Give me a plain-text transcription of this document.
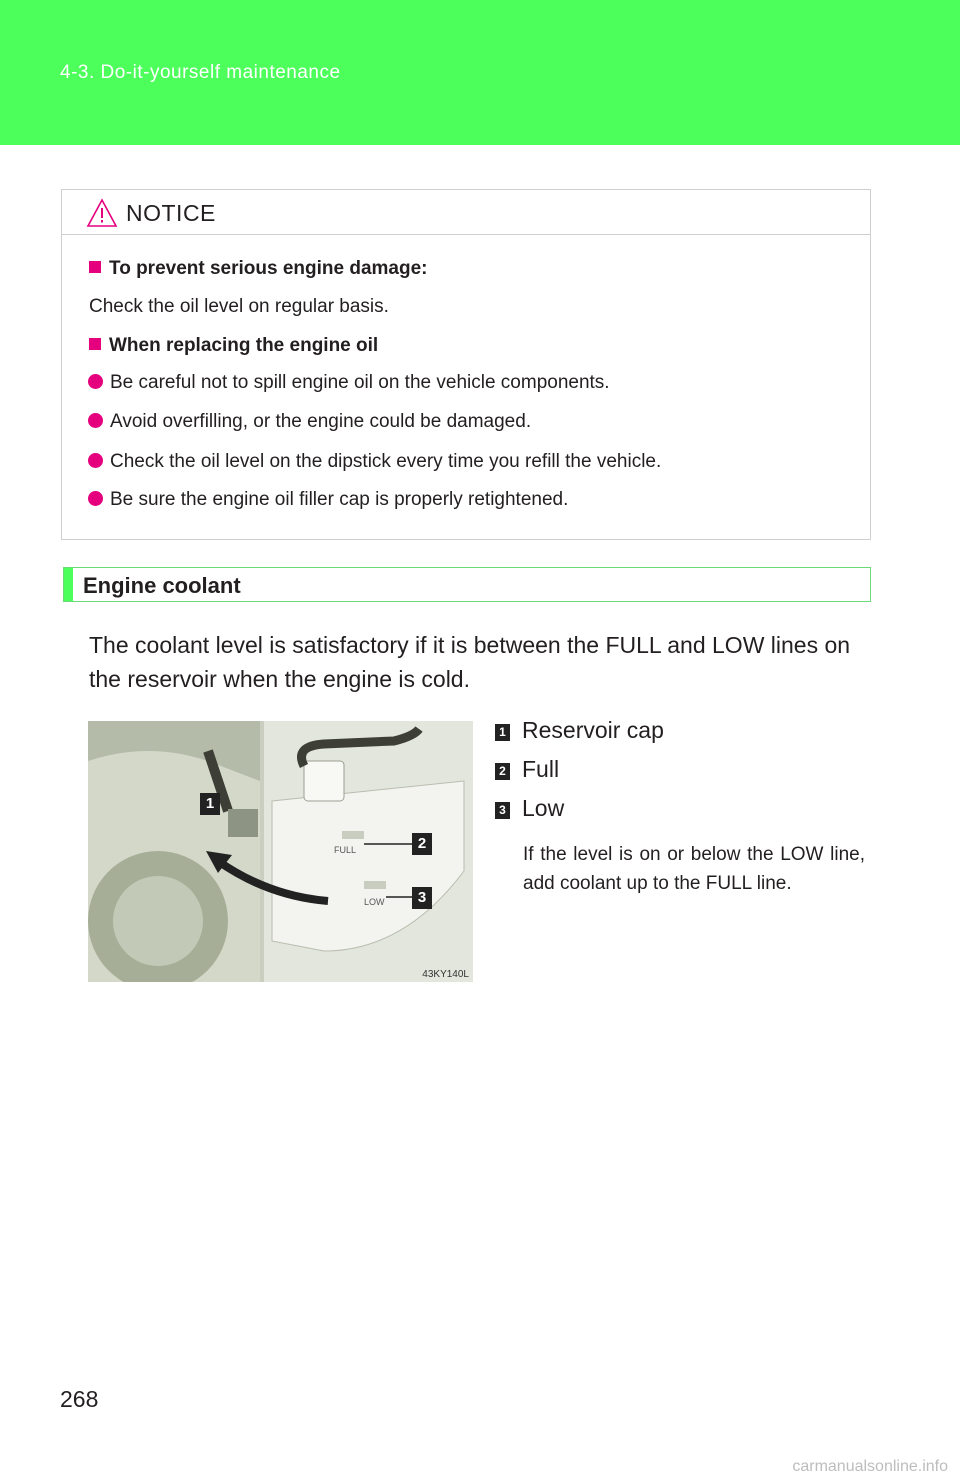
4-3. Do-it-yourself maintenance
NOTICE
To prevent serious engine damage:
Check the oil level on regular basis.
When replacing the engine oil
Be careful not to spill engine oil on the vehicle components.
Avoid overfilling, or the engine could be damaged.
Check the oil level on the dipstick every time you refill the vehicle.
Be sure the engine oil filler cap is properly retightened.
Engine coolant
The coolant level is satisfactory if it is between the FULL and LOW lines on the reservoir when the engine is cold.
FULL
LOW
1
2
3
43KY140L
1 Reservoir cap
2 Full
3 Low
If the level is on or below the LOW line, add coolant up to the FULL line.
268
carmanualsonline.info
